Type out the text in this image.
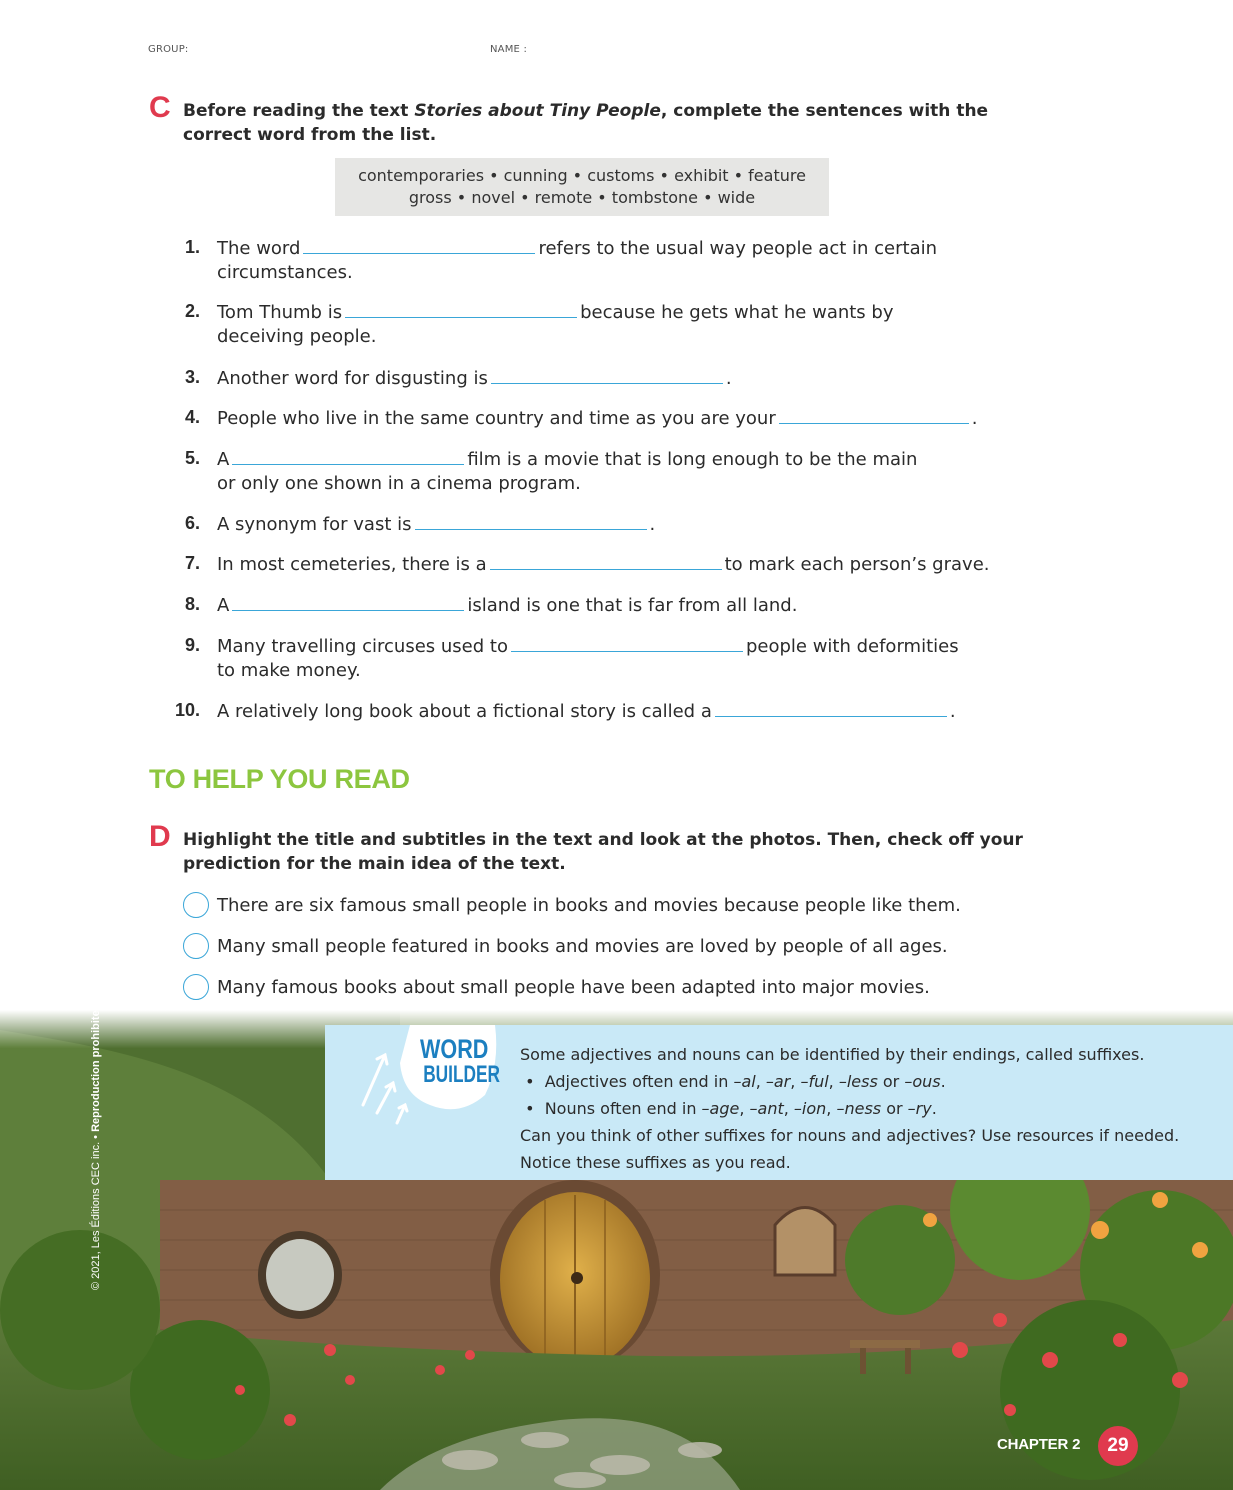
GROUP:	NAME :
C Before reading the text Stories about Tiny People, complete the sentences with the
correct word from the list.
contemporaries • cunning • customs • exhibit • feature
gross • novel • remote • tombstone • wide
1. The word	refers to the usual way people act in certain
circumstances.
2. Tom Thumb is	because he gets what he wants by
deceiving people.
3. Another word for disgusting is	.
4. People who live in the same country and time as you are your	.
5. A	film is a movie that is long enough to be the main
or only one shown in a cinema program.
6. A synonym for vast is	.
7. In most cemeteries, there is a	to mark each person’s grave.
8. A	island is one that is far from all land.
9. Many travelling circuses used to	people with deformities
to make money.
10. A relatively long book about a fictional story is called a	.
TO HELP YOU READ
D Highlight the title and subtitles in the text and look at the photos. Then, check off your
prediction for the main idea of the text.
There are six famous small people in books and movies because people like them.
Many small people featured in books and movies are loved by people of all ages.
Many famous books about small people have been adapted into major movies.
WORD
BUILDER
Some adjectives and nouns can be identified by their endings, called suffixes.
• Adjectives often end in –al, –ar, –ful, –less or –ous.
• Nouns often end in –age, –ant, –ion, –ness or –ry.
Can you think of other suffixes for nouns and adjectives? Use resources if needed.
Notice these suffixes as you read.
© 2021, Les Éditions CEC inc. • Reproduction prohibited
CHAPTER 2	29
